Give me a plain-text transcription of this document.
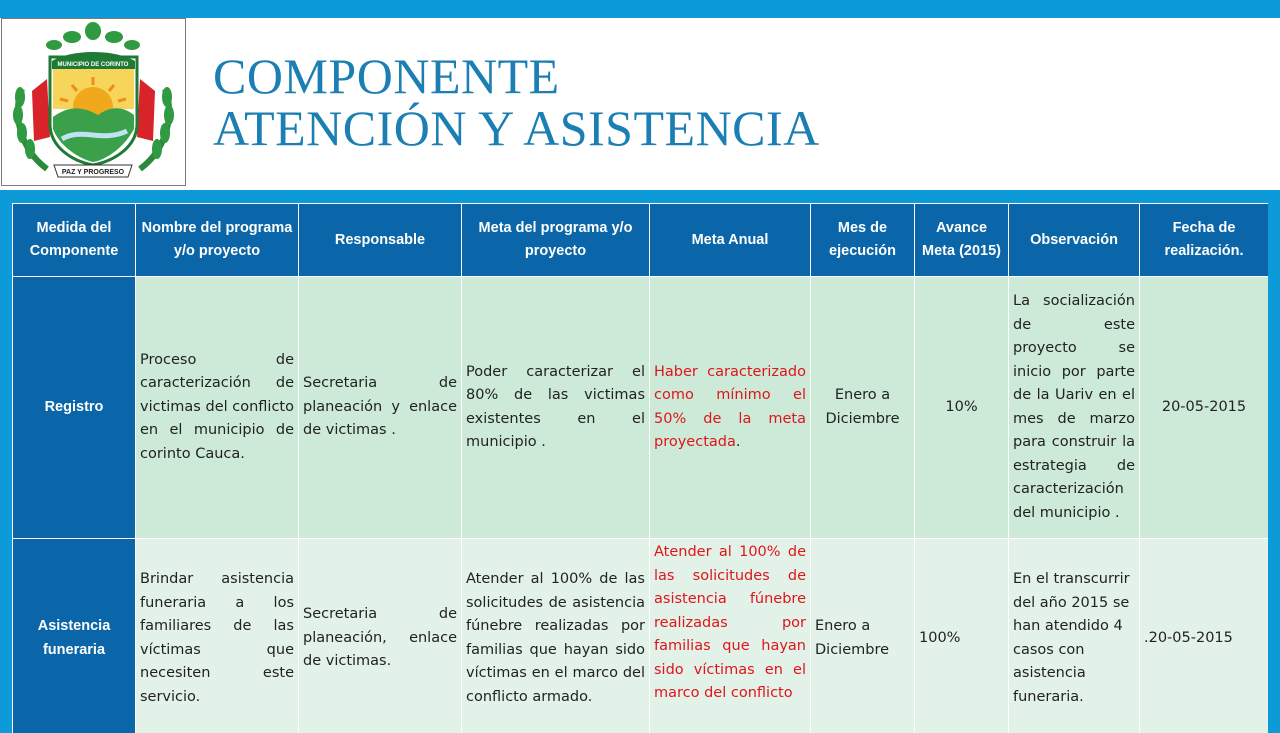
MUNICIPIO DE CORINTO
PAZ Y PROGRESO
COMPONENTE
ATENCIÓN Y ASISTENCIA
Medida del Componente	Nombre del programa y/o proyecto	Responsable	Meta del programa y/o proyecto	Meta Anual	Mes de ejecución	Avance Meta (2015)	Observación	Fecha de realización.
Registro	Proceso de caracterización de victimas del conflicto en el municipio de corinto Cauca.	Secretaria de planeación y enlace de victimas .	Poder caracterizar el 80% de las victimas existentes en el municipio .	Haber caracterizado como mínimo el 50% de la meta proyectada.	Enero a Diciembre	10%	La socialización de este proyecto se inicio por parte de la Uariv en el mes de marzo para construir la estrategia de caracterización del municipio .	20-05-2015
Asistencia funeraria	Brindar asistencia funeraria a los familiares de las víctimas que necesiten este servicio.	Secretaria de planeación, enlace de victimas.	Atender al 100% de las solicitudes de asistencia fúnebre realizadas por familias que hayan sido víctimas en el marco del conflicto armado.	Atender al 100% de las solicitudes de asistencia fúnebre realizadas por familias que hayan sido víctimas en el marco del conflicto	Enero a Diciembre	100%	En el transcurrir del año 2015 se han atendido 4 casos con asistencia funeraria.	.20-05-2015
